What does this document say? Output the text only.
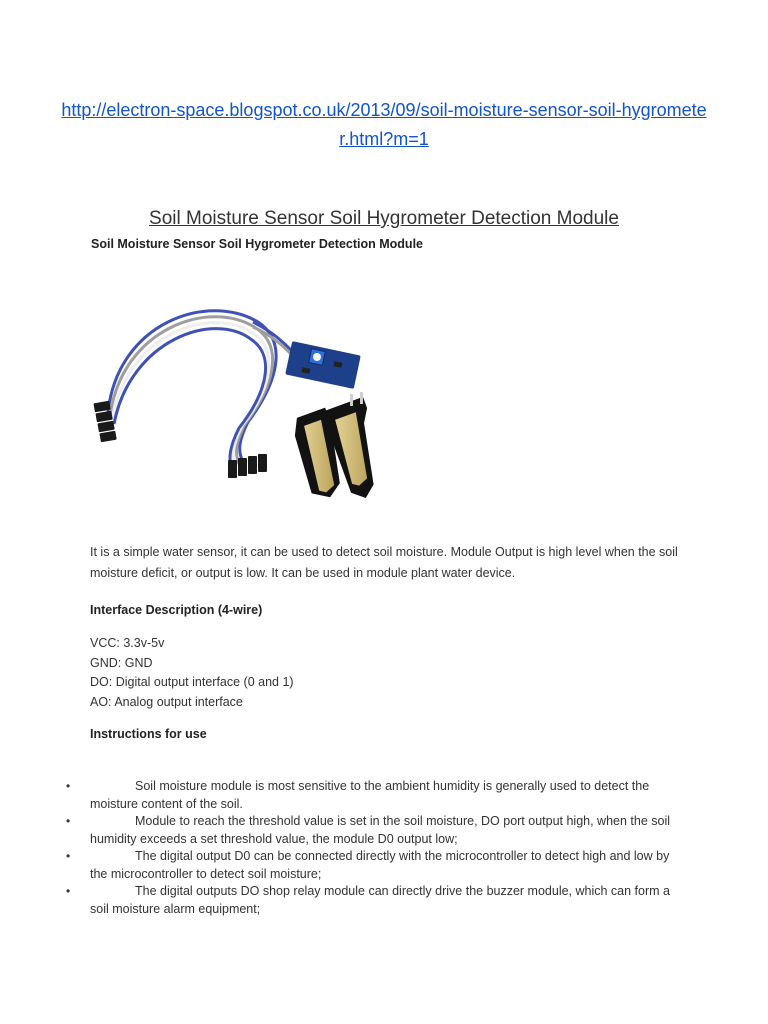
http://electron-space.blogspot.co.uk/2013/09/soil-moisture-sensor-soil-hygrometer.html?m=1
Soil Moisture Sensor Soil Hygrometer Detection Module
Soil Moisture Sensor Soil Hygrometer Detection Module
It is a simple water sensor, it can be used to detect soil moisture. Module Output is high level when the soil moisture deficit, or output is low. It can be used in module plant water device.
Interface Description (4-wire)
VCC: 3.3v-5v
GND: GND
DO: Digital output interface (0 and 1)
AO: Analog output interface
Instructions for use
•	Soil moisture module is most sensitive to the ambient humidity is generally used to detect the moisture content of the soil.
•	Module to reach the threshold value is set in the soil moisture, DO port output high, when the soil humidity exceeds a set threshold value, the module D0 output low;
•	The digital output D0 can be connected directly with the microcontroller to detect high and low by the microcontroller to detect soil moisture;
•	The digital outputs DO shop relay module can directly drive the buzzer module, which can form a soil moisture alarm equipment;
